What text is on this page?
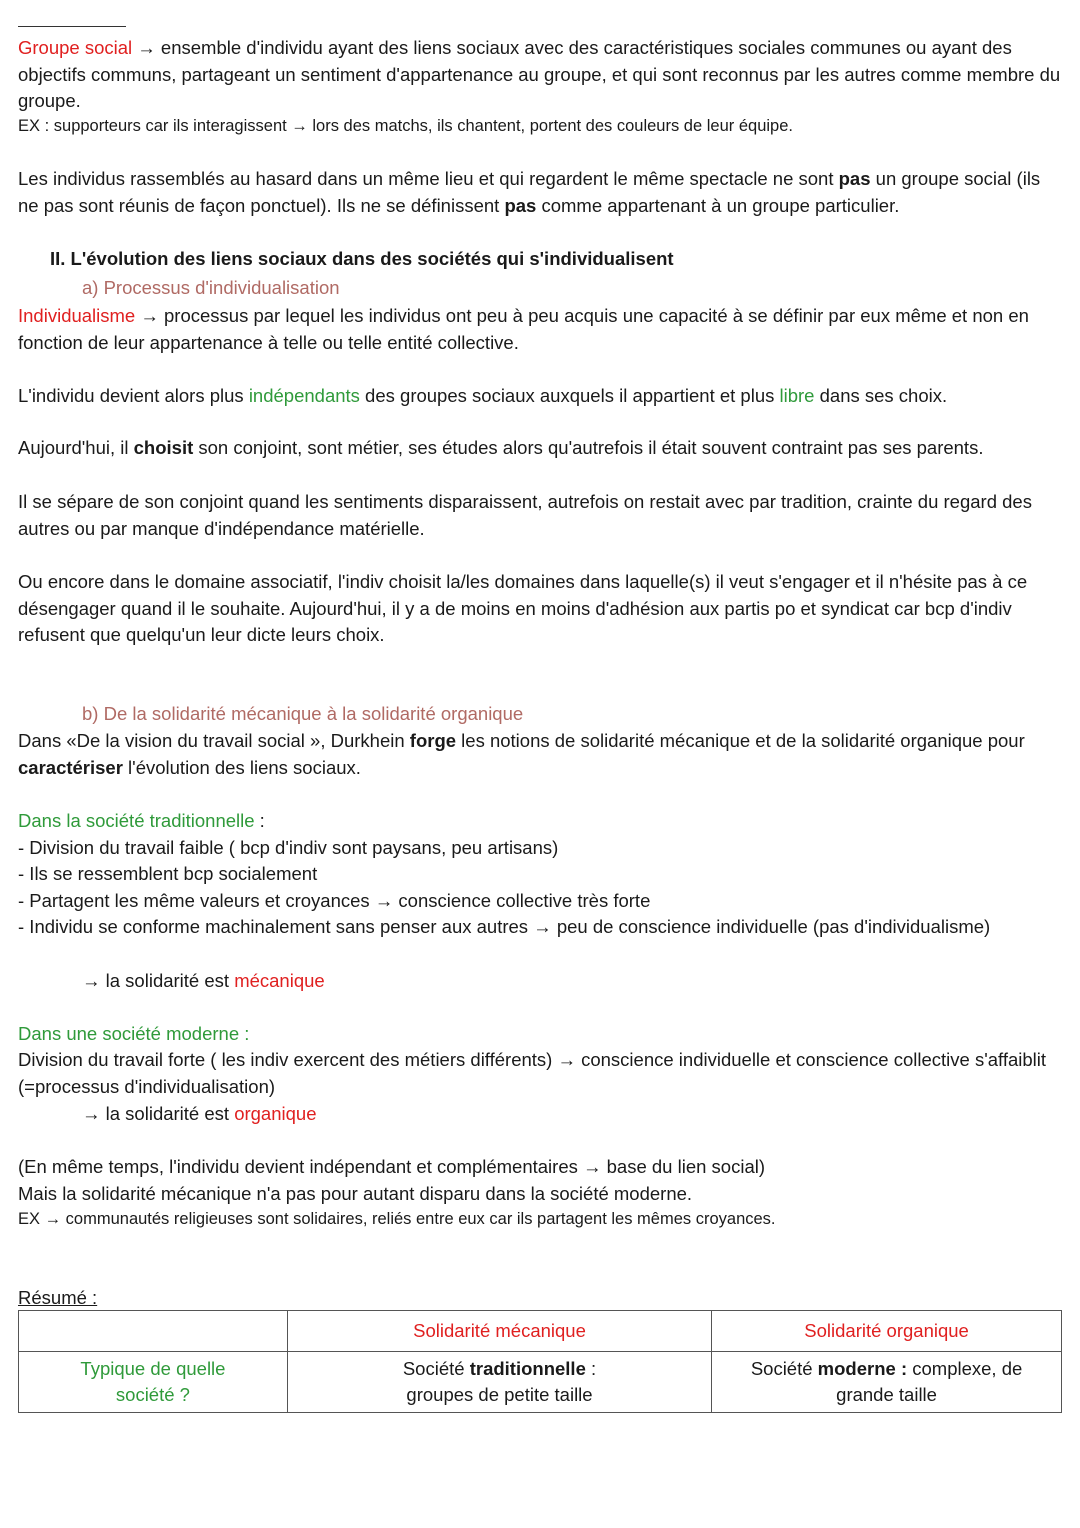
Groupe social → ensemble d'individu ayant des liens sociaux avec des caractéristiques sociales communes ou ayant des objectifs communs, partageant un sentiment d'appartenance au groupe, et qui sont reconnus par les autres comme membre du groupe.

EX : supporteurs car ils interagissent → lors des matchs, ils chantent, portent des couleurs de leur équipe.

Les individus rassemblés au hasard dans un même lieu et qui regardent le même spectacle ne sont pas un groupe social (ils ne pas sont réunis de façon ponctuel). Ils ne se définissent pas comme appartenant à un groupe particulier.

II. L'évolution des liens sociaux dans des sociétés qui s'individualisent

a) Processus d'individualisation

Individualisme → processus par lequel les individus ont peu à peu acquis une capacité à se définir par eux même et non en fonction de leur appartenance à telle ou telle entité collective.

L'individu devient alors plus indépendants des groupes sociaux auxquels il appartient et plus libre dans ses choix.

Aujourd'hui, il choisit son conjoint, sont métier, ses études alors qu'autrefois il était souvent contraint pas ses parents.

Il se sépare de son conjoint quand les sentiments disparaissent, autrefois on restait avec par tradition, crainte du regard des autres ou par manque d'indépendance matérielle.

Ou encore dans le domaine associatif, l'indiv choisit la/les domaines dans laquelle(s) il veut s'engager et il n'hésite pas à ce désengager quand il le souhaite. Aujourd'hui, il y a de moins en moins d'adhésion aux partis po et syndicat car bcp d'indiv refusent que quelqu'un leur dicte leurs choix.

b) De la solidarité mécanique à la solidarité organique

Dans «De la vision du travail social », Durkhein forge les notions de solidarité mécanique et de la solidarité organique pour caractériser l'évolution des liens sociaux.

Dans la société traditionnelle :

- Division du travail faible ( bcp d'indiv sont paysans, peu artisans)

- Ils se ressemblent bcp socialement

- Partagent les même valeurs et croyances → conscience collective très forte

- Individu se conforme machinalement sans penser aux autres → peu de conscience individuelle (pas d'individualisme)

→ la solidarité est mécanique

Dans une société moderne :

Division du travail forte ( les indiv exercent des métiers différents) → conscience individuelle et conscience collective s'affaiblit (=processus d'individualisation)

→ la solidarité est organique

(En même temps, l'individu devient indépendant et complémentaires → base du lien social)

Mais la solidarité mécanique n'a pas pour autant disparu dans la société moderne.

EX → communautés religieuses sont solidaires, reliés entre eux car ils partagent les mêmes croyances.

Résumé :

	Solidarité mécanique	Solidarité organique
Typique de quelle société ?	Société traditionnelle : groupes de petite taille	Société moderne : complexe, de grande taille
